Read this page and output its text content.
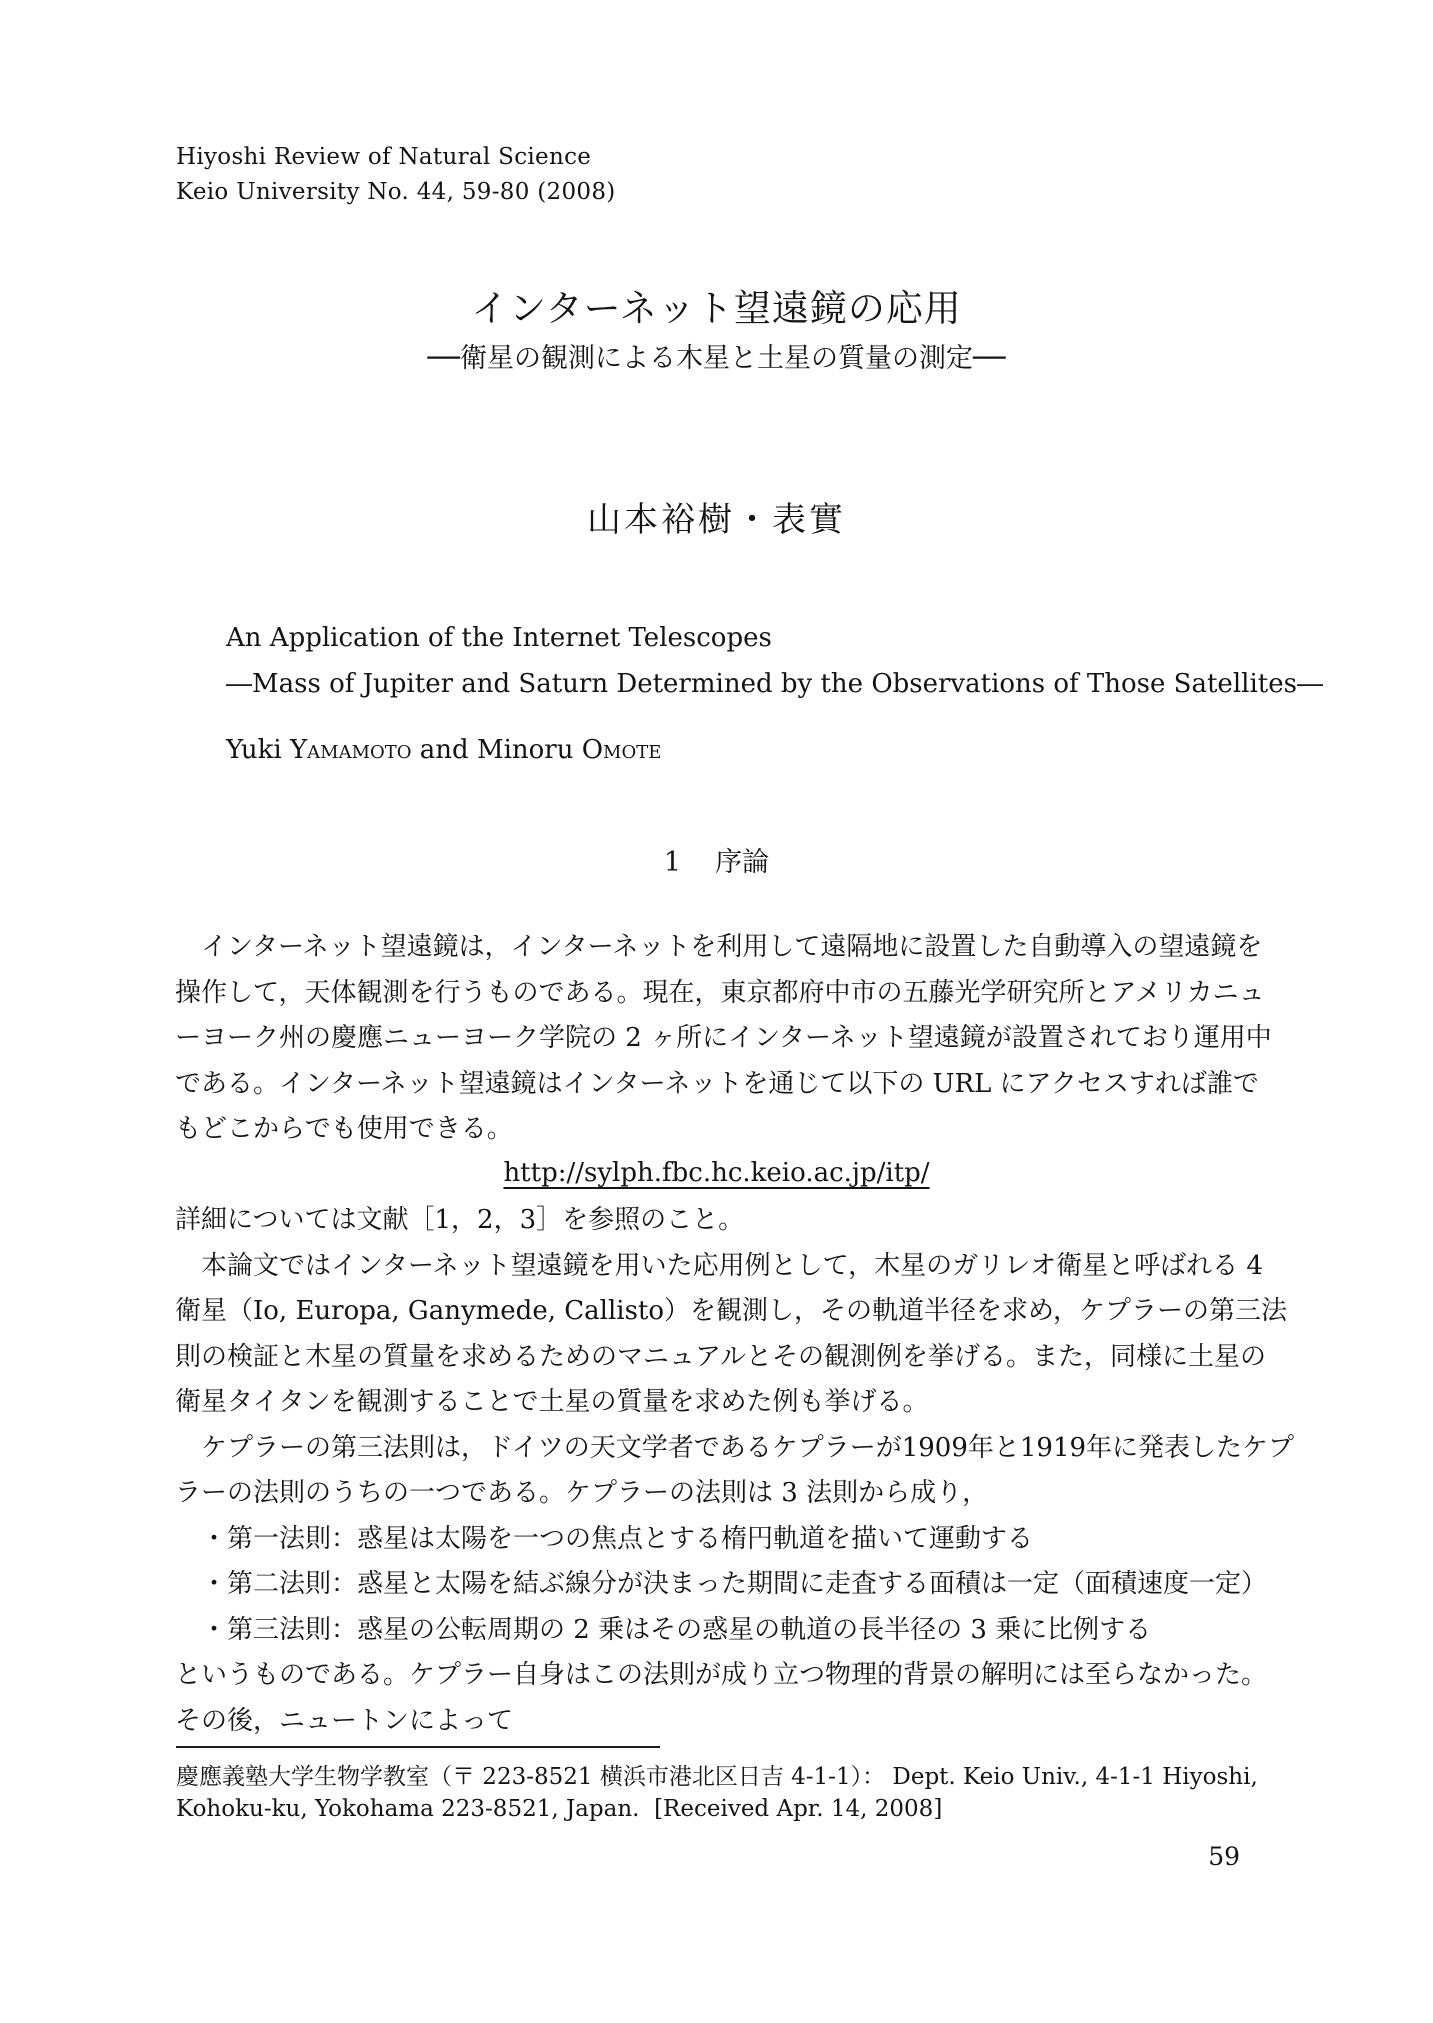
Hiyoshi Review of Natural Science
Keio University No. 44, 59-80 (2008)
インターネット望遠鏡の応用
──衛星の観測による木星と土星の質量の測定──
山本裕樹・表實
An Application of the Internet Telescopes
―Mass of Jupiter and Saturn Determined by the Observations of Those Satellites―
Yuki Yamamoto and Minoru Omote
1 序論
　インターネット望遠鏡は，インターネットを利用して遠隔地に設置した自動導入の望遠鏡を
操作して，天体観測を行うものである。現在，東京都府中市の五藤光学研究所とアメリカニュ
ーヨーク州の慶應ニューヨーク学院の 2 ヶ所にインターネット望遠鏡が設置されており運用中
である。インターネット望遠鏡はインターネットを通じて以下の URL にアクセスすれば誰で
もどこからでも使用できる。
http://sylph.fbc.hc.keio.ac.jp/itp/
詳細については文献［1，2，3］を参照のこと。
　本論文ではインターネット望遠鏡を用いた応用例として，木星のガリレオ衛星と呼ばれる 4
衛星（Io, Europa, Ganymede, Callisto）を観測し，その軌道半径を求め，ケプラーの第三法
則の検証と木星の質量を求めるためのマニュアルとその観測例を挙げる。また，同様に土星の
衛星タイタンを観測することで土星の質量を求めた例も挙げる。
　ケプラーの第三法則は，ドイツの天文学者であるケプラーが1909年と1919年に発表したケプ
ラーの法則のうちの一つである。ケプラーの法則は 3 法則から成り，
　・第一法則：惑星は太陽を一つの焦点とする楕円軌道を描いて運動する
　・第二法則：惑星と太陽を結ぶ線分が決まった期間に走査する面積は一定（面積速度一定）
　・第三法則：惑星の公転周期の 2 乗はその惑星の軌道の長半径の 3 乗に比例する
というものである。ケプラー自身はこの法則が成り立つ物理的背景の解明には至らなかった。
その後，ニュートンによって
慶應義塾大学生物学教室（〒 223-8521 横浜市港北区日吉 4-1-1）： Dept. Keio Univ., 4-1-1 Hiyoshi,
Kohoku-ku, Yokohama 223-8521, Japan.  [Received Apr. 14, 2008]
59
